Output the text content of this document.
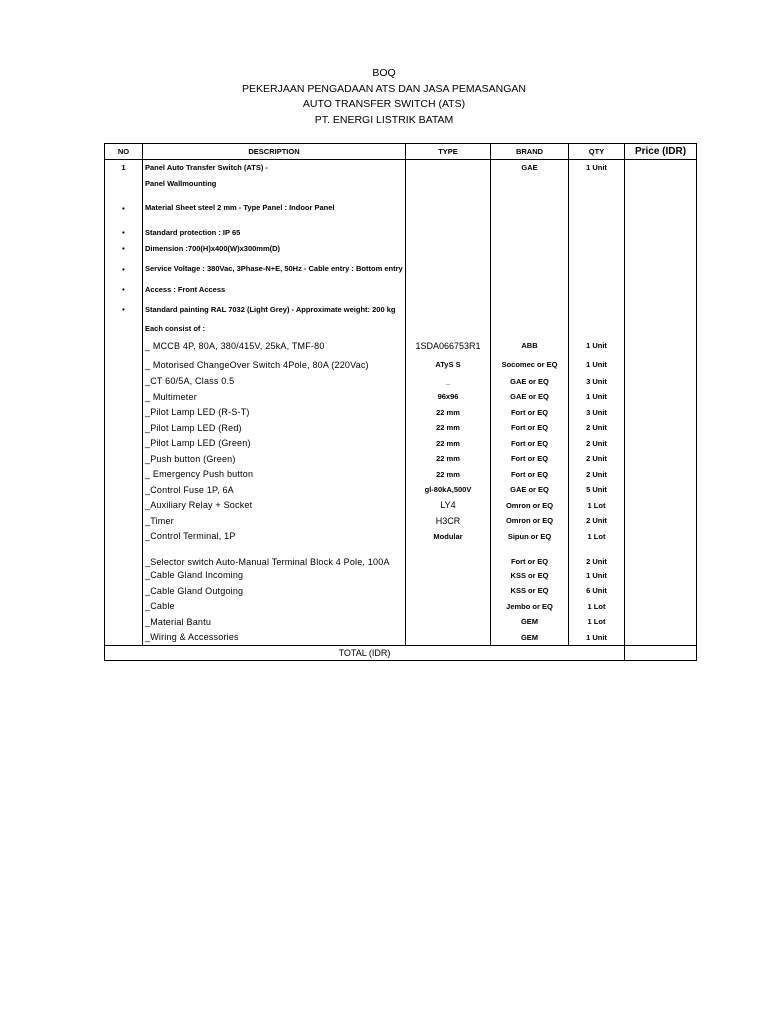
BOQ
PEKERJAAN PENGADAAN ATS DAN JASA PEMASANGAN
AUTO TRANSFER SWITCH (ATS)
PT. ENERGI LISTRIK BATAM
NO	DESCRIPTION	TYPE	BRAND	QTY	Price (IDR)
1	Panel Auto Transfer Switch (ATS) -		GAE	1 Unit	
	Panel Wallmounting				
•	Material Sheet steel 2 mm - Type Panel : Indoor Panel				
•	Standard protection : IP 65				
•	Dimension :700(H)x400(W)x300mm(D)				
•	Service Voltage : 380Vac, 3Phase-N+E, 50Hz - Cable entry : Bottom entry				
•	Access : Front Access				
•	Standard painting RAL 7032 (Light Grey) - Approximate weight: 200 kg				
	Each consist of :				
	_ MCCB 4P, 80A, 380/415V, 25kA, TMF-80	1SDA066753R1	ABB	1 Unit	
	_ Motorised ChangeOver Switch 4Pole, 80A (220Vac)	ATyS S	Socomec or EQ	1 Unit	
	_CT 60/5A, Class 0.5	_	GAE or EQ	3 Unit	
	_ Multimeter	96x96	GAE or EQ	1 Unit	
	_Pilot Lamp LED (R-S-T)	22 mm	Fort or EQ	3 Unit	
	_Pilot Lamp LED (Red)	22 mm	Fort or EQ	2 Unit	
	_Pilot Lamp LED (Green)	22 mm	Fort or EQ	2 Unit	
	_Push button (Green)	22 mm	Fort or EQ	2 Unit	
	_ Emergency Push button	22 mm	Fort or EQ	2 Unit	
	_Control Fuse 1P, 6A	gl-80kA,500V	GAE or EQ	5 Unit	
	_Auxiliary Relay + Socket	LY4	Omron or EQ	1 Lot	
	_Timer	H3CR	Omron or EQ	2 Unit	
	_Control Terminal, 1P	Modular	Sipun or EQ	1 Lot	
	_Selector switch Auto-Manual Terminal Block 4 Pole, 100A		Fort or EQ	2 Unit	
	_Cable Gland Incoming		KSS or EQ	1 Unit	
	_Cable Gland Outgoing		KSS or EQ	6 Unit	
	_Cable		Jembo or EQ	1 Lot	
	_Material Bantu		GEM	1 Lot	
	_Wiring & Accessories		GEM	1 Unit	
TOTAL (IDR)					
